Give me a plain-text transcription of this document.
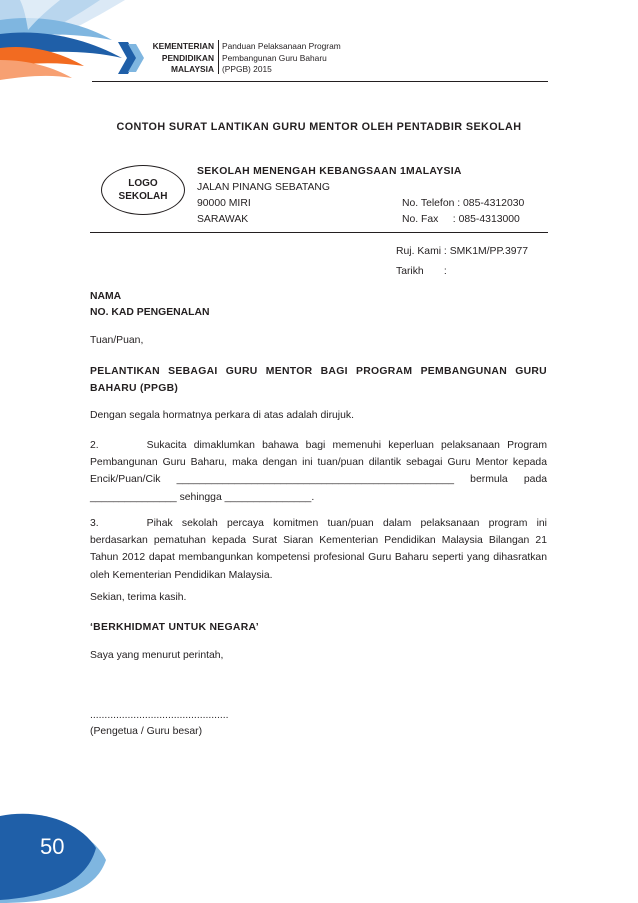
KEMENTERIAN
PENDIDIKAN
MALAYSIA
Panduan Pelaksanaan Program
Pembangunan Guru Baharu
(PPGB) 2015
CONTOH SURAT LANTIKAN GURU MENTOR OLEH PENTADBIR SEKOLAH
LOGO
SEKOLAH
SEKOLAH MENENGAH KEBANGSAAN 1MALAYSIA
JALAN PINANG SEBATANG
90000 MIRI
SARAWAK
No. Telefon : 085-4312030
No. Fax     : 085-4313000
Ruj. Kami : SMK1M/PP.3977
Tarikh       :
NAMA
NO. KAD PENGENALAN
Tuan/Puan,
PELANTIKAN SEBAGAI GURU MENTOR BAGI PROGRAM PEMBANGUNAN GURU BAHARU (PPGB)
Dengan segala hormatnya perkara di atas adalah dirujuk.
2.	Sukacita dimaklumkan bahawa bagi memenuhi keperluan pelaksanaan Program Pembangunan Guru Baharu, maka dengan ini tuan/puan dilantik sebagai Guru Mentor kepada Encik/Puan/Cik ________________________________________________ bermula pada _______________ sehingga _______________.
3.	Pihak sekolah percaya komitmen tuan/puan dalam pelaksanaan program ini berdasarkan pematuhan kepada Surat Siaran Kementerian Pendidikan Malaysia Bilangan 21 Tahun 2012 dapat membangunkan kompetensi profesional Guru Baharu seperti yang dihasratkan oleh Kementerian Pendidikan Malaysia.
Sekian, terima kasih.
‘BERKHIDMAT UNTUK NEGARA’
Saya yang menurut perintah,
................................................
(Pengetua / Guru besar)
50
